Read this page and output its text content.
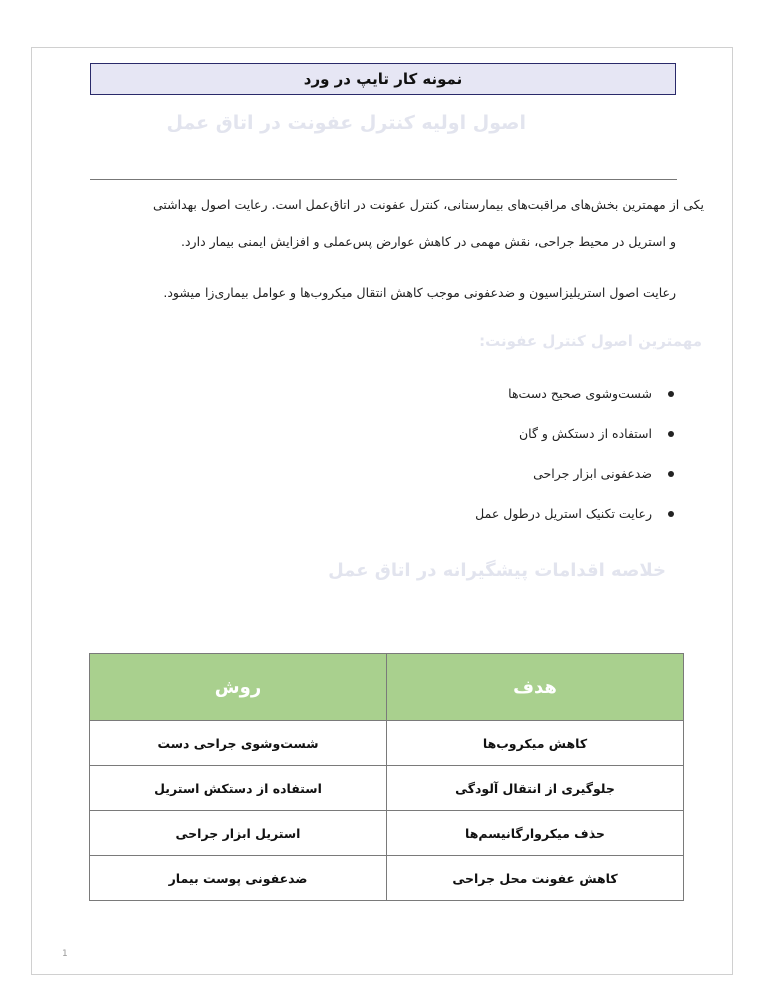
نمونه کار تایپ در ورد
اصول اولیه کنترل عفونت در اتاق عمل
یکی از مهمترین بخش‌های مراقبت‌های بیمارستانی، کنترل عفونت در اتاق‌عمل است. رعایت اصول بهداشتی
و استریل در محیط جراحی، نقش مهمی در کاهش عوارض پس‌عملی و افزایش ایمنی بیمار دارد.
رعایت اصول استریلیزاسیون و ضدعفونی موجب کاهش انتقال میکروب‌ها و عوامل بیماری‌زا میشود.
مهمترین اصول کنترل عفونت:
شست‌وشوی صحیح دست‌ها
استفاده از دستکش و گان
ضدعفونی ابزار جراحی
رعایت تکنیک استریل درطول عمل
خلاصه اقدامات پیشگیرانه در اتاق عمل
هدف	روش
کاهش میکروب‌ها	شست‌وشوی جراحی دست
جلوگیری از انتقال آلودگی	استفاده از دستکش استریل
حذف میکروارگانیسم‌ها	استریل ابزار جراحی
کاهش عفونت محل جراحی	ضدعفونی پوست بیمار
1
